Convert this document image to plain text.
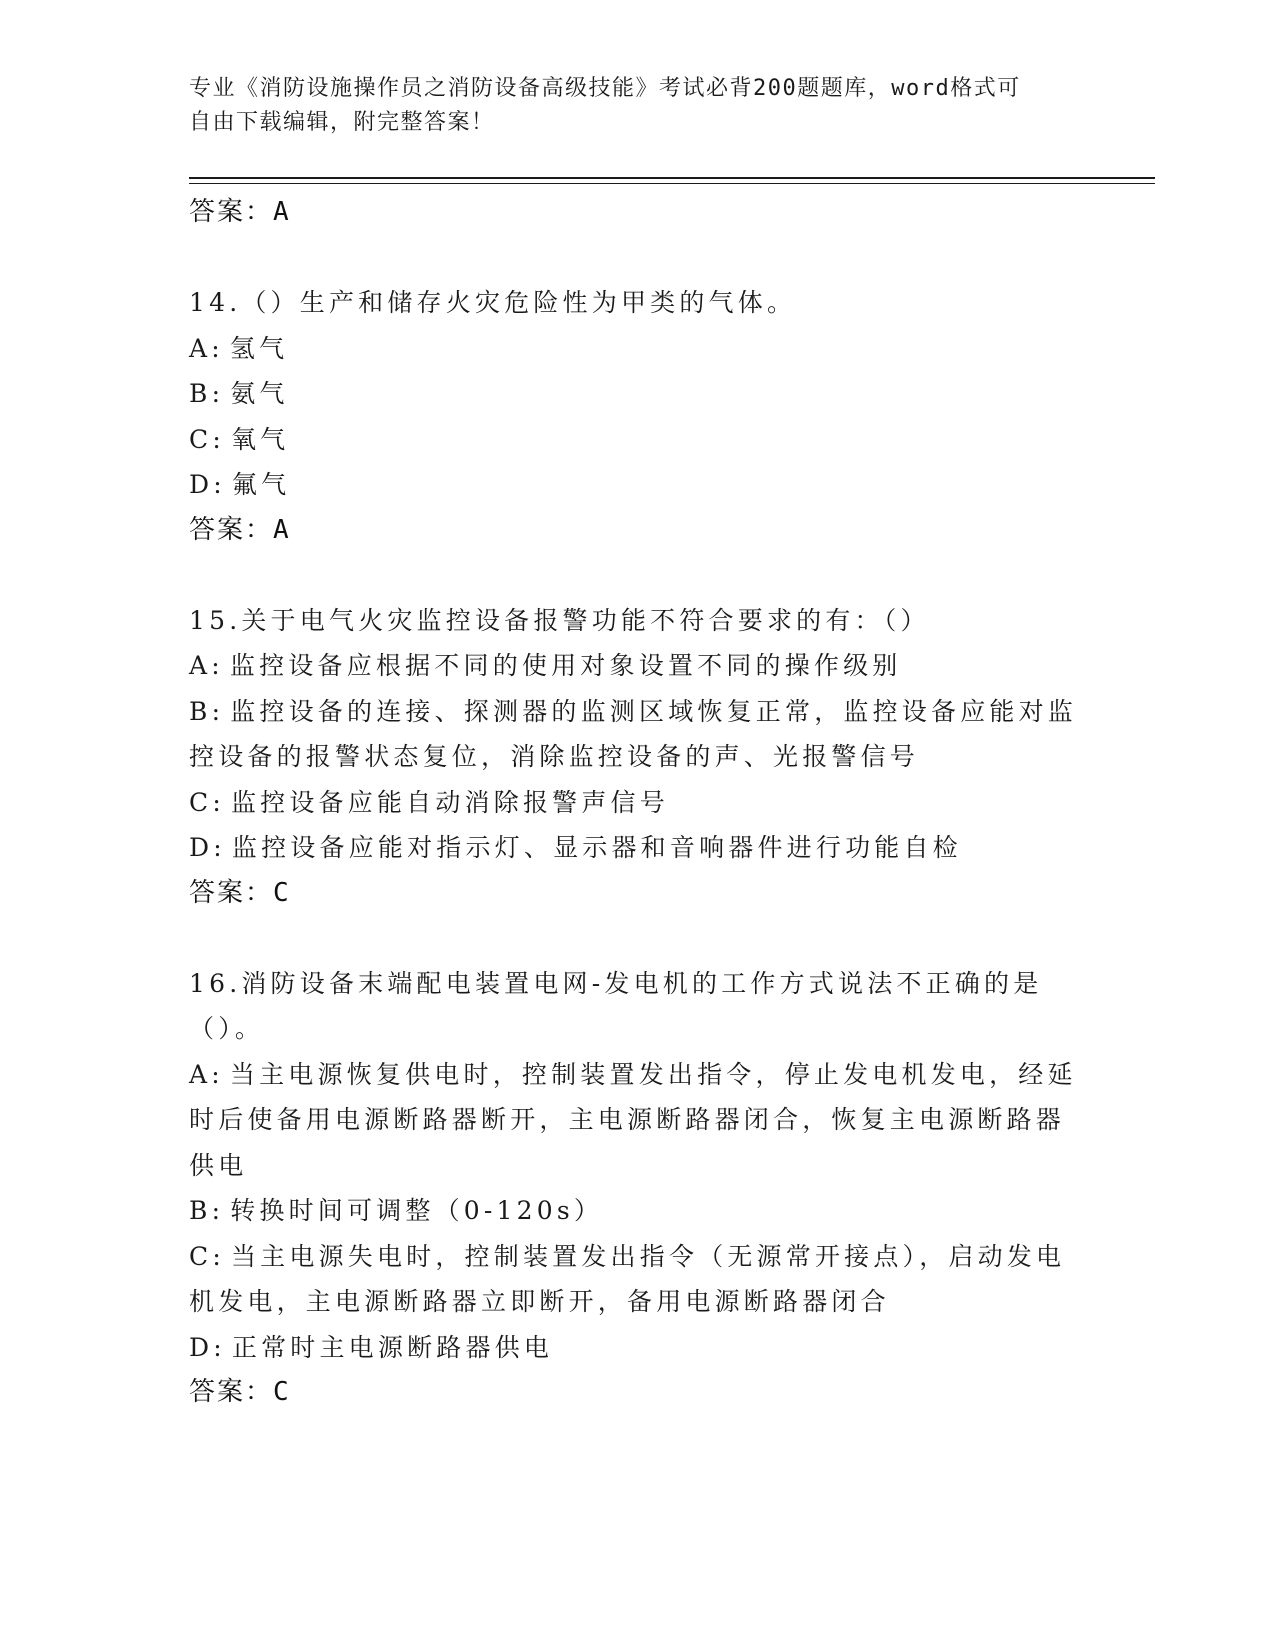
专业《消防设施操作员之消防设备高级技能》考试必背200题题库，word格式可
自由下载编辑，附完整答案！

答案：A

14.（）生产和储存火灾危险性为甲类的气体。

A: 氢气

B: 氨气

C: 氧气

D: 氟气

答案：A

15.关于电气火灾监控设备报警功能不符合要求的有：（）

A: 监控设备应根据不同的使用对象设置不同的操作级别

B: 监控设备的连接、探测器的监测区域恢复正常，监控设备应能对监控设备的报警状态复位，消除监控设备的声、光报警信号

C: 监控设备应能自动消除报警声信号

D: 监控设备应能对指示灯、显示器和音响器件进行功能自检

答案：C

16.消防设备末端配电装置电网-发电机的工作方式说法不正确的是（）。

A: 当主电源恢复供电时，控制装置发出指令，停止发电机发电，经延时后使备用电源断路器断开，主电源断路器闭合，恢复主电源断路器供电

B: 转换时间可调整（0-120s）

C: 当主电源失电时，控制装置发出指令（无源常开接点），启动发电机发电，主电源断路器立即断开，备用电源断路器闭合

D: 正常时主电源断路器供电

答案：C
